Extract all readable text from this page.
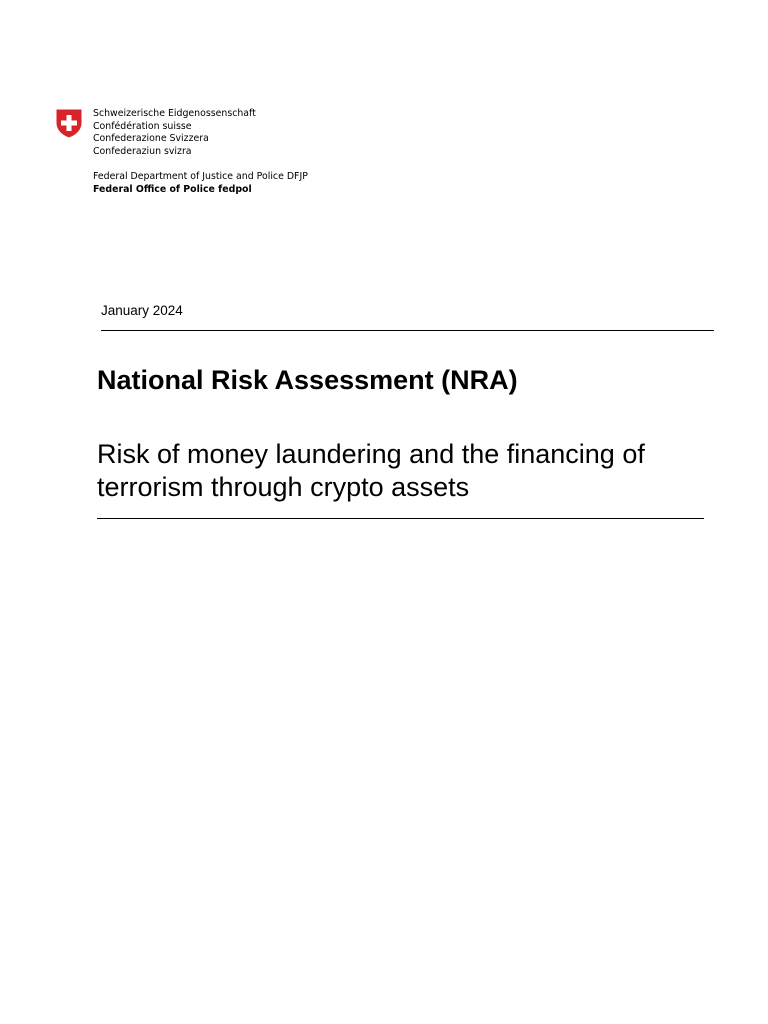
Schweizerische Eidgenossenschaft
Confédération suisse
Confederazione Svizzera
Confederaziun svizra
Federal Department of Justice and Police DFJP
Federal Office of Police fedpol
January 2024
National Risk Assessment (NRA)
Risk of money laundering and the financing of terrorism through crypto assets
